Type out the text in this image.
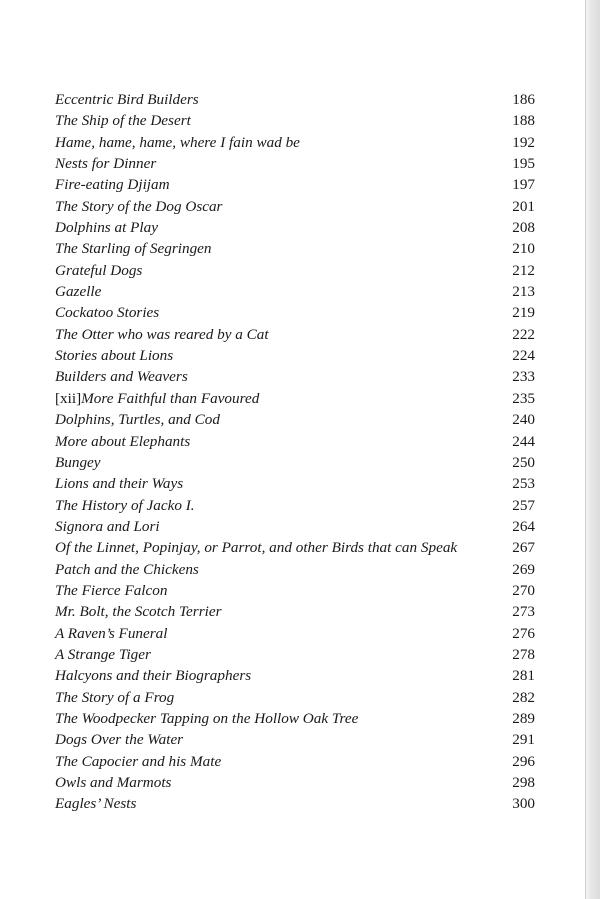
Eccentric Bird Builders	186
The Ship of the Desert	188
Hame, hame, hame, where I fain wad be	192
Nests for Dinner	195
Fire-eating Djijam	197
The Story of the Dog Oscar	201
Dolphins at Play	208
The Starling of Segringen	210
Grateful Dogs	212
Gazelle	213
Cockatoo Stories	219
The Otter who was reared by a Cat	222
Stories about Lions	224
Builders and Weavers	233
[xii]More Faithful than Favoured	235
Dolphins, Turtles, and Cod	240
More about Elephants	244
Bungey	250
Lions and their Ways	253
The History of Jacko I.	257
Signora and Lori	264
Of the Linnet, Popinjay, or Parrot, and other Birds that can Speak	267
Patch and the Chickens	269
The Fierce Falcon	270
Mr. Bolt, the Scotch Terrier	273
A Raven’s Funeral	276
A Strange Tiger	278
Halcyons and their Biographers	281
The Story of a Frog	282
The Woodpecker Tapping on the Hollow Oak Tree	289
Dogs Over the Water	291
The Capocier and his Mate	296
Owls and Marmots	298
Eagles’ Nests	300
